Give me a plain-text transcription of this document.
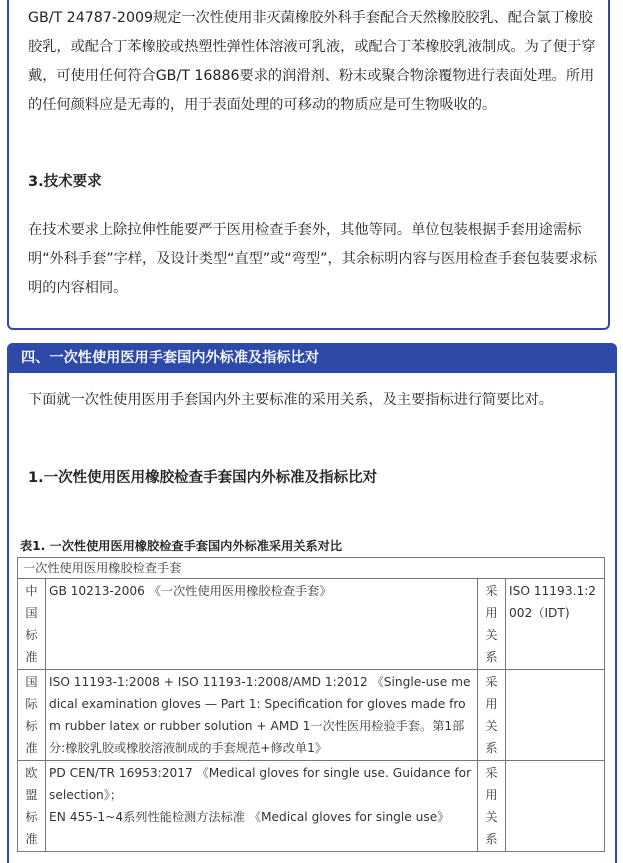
GB/T 24787-2009规定一次性使用非灭菌橡胶外科手套配合天然橡胶胶乳、配合氯丁橡胶胶乳，或配合丁苯橡胶或热塑性弹性体溶液可乳液，或配合丁苯橡胶乳液制成。为了便于穿戴，可使用任何符合GB/T 16886要求的润滑剂、粉末或聚合物涂覆物进行表面处理。所用的任何颜料应是无毒的，用于表面处理的可移动的物质应是可生物吸收的。

3.技术要求

在技术要求上除拉伸性能要严于医用检查手套外，其他等同。单位包装根据手套用途需标明“外科手套”字样，及设计类型“直型”或“弯型”，其余标明内容与医用检查手套包装要求标明的内容相同。

四、一次性使用医用手套国内外标准及指标比对

下面就一次性使用医用手套国内外主要标准的采用关系，及主要指标进行简要比对。

1.一次性使用医用橡胶检查手套国内外标准及指标比对
表1. 一次性使用医用橡胶检查手套国内外标准采用关系对比
一次性使用医用橡胶检查手套			
中国标准	GB 10213-2006 《一次性使用医用橡胶检查手套》	采用关系	ISO 11193.1:2002（IDT)
国际标准	ISO 11193-1:2008 + ISO 11193-1:2008/AMD 1:2012 《Single-use medical examination gloves — Part 1: Specification for gloves made from rubber latex or rubber solution + AMD 1一次性医用检验手套。第1部分:橡胶乳胶或橡胶溶液制成的手套规范+修改单1》	采用关系	
欧盟标准	PD CEN/TR 16953:2017 《Medical gloves for single use. Guidance for selection》；
EN 455-1~4系列性能检测方法标准 《Medical gloves for single use》	采用关系	
